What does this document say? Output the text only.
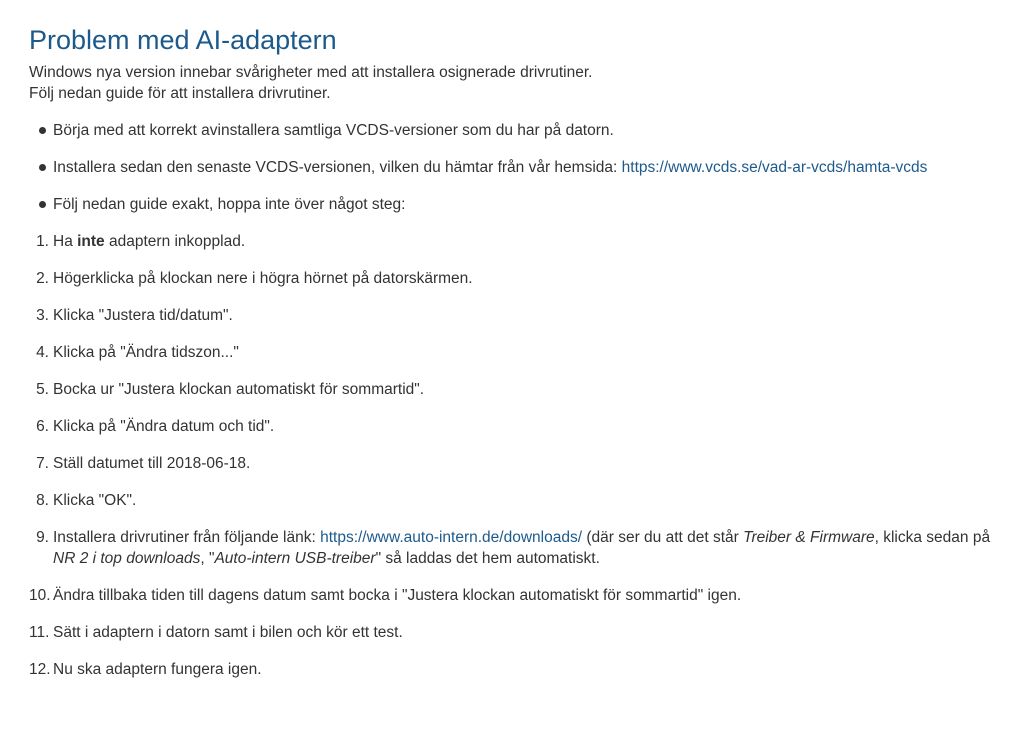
Problem med AI-adaptern

Windows nya version innebar svårigheter med att installera osignerade drivrutiner.

Följ nedan guide för att installera drivrutiner.

Börja med att korrekt avinstallera samtliga VCDS-versioner som du har på datorn.
Installera sedan den senaste VCDS-versionen, vilken du hämtar från vår hemsida: https://www.vcds.se/vad-ar-vcds/hamta-vcds
Följ nedan guide exakt, hoppa inte över något steg:
1. Ha inte adaptern inkopplad.
2. Högerklicka på klockan nere i högra hörnet på datorskärmen.
3. Klicka "Justera tid/datum".
4. Klicka på "Ändra tidszon..."
5. Bocka ur "Justera klockan automatiskt för sommartid".
6. Klicka på "Ändra datum och tid".
7. Ställ datumet till 2018-06-18.
8. Klicka "OK".
9. Installera drivrutiner från följande länk: https://www.auto-intern.de/downloads/ (där ser du att det står Treiber & Firmware, klicka sedan på NR 2 i top downloads, "Auto-intern USB-treiber" så laddas det hem automatiskt.
10. Ändra tillbaka tiden till dagens datum samt bocka i "Justera klockan automatiskt för sommartid" igen.
11. Sätt i adaptern i datorn samt i bilen och kör ett test.
12. Nu ska adaptern fungera igen.
